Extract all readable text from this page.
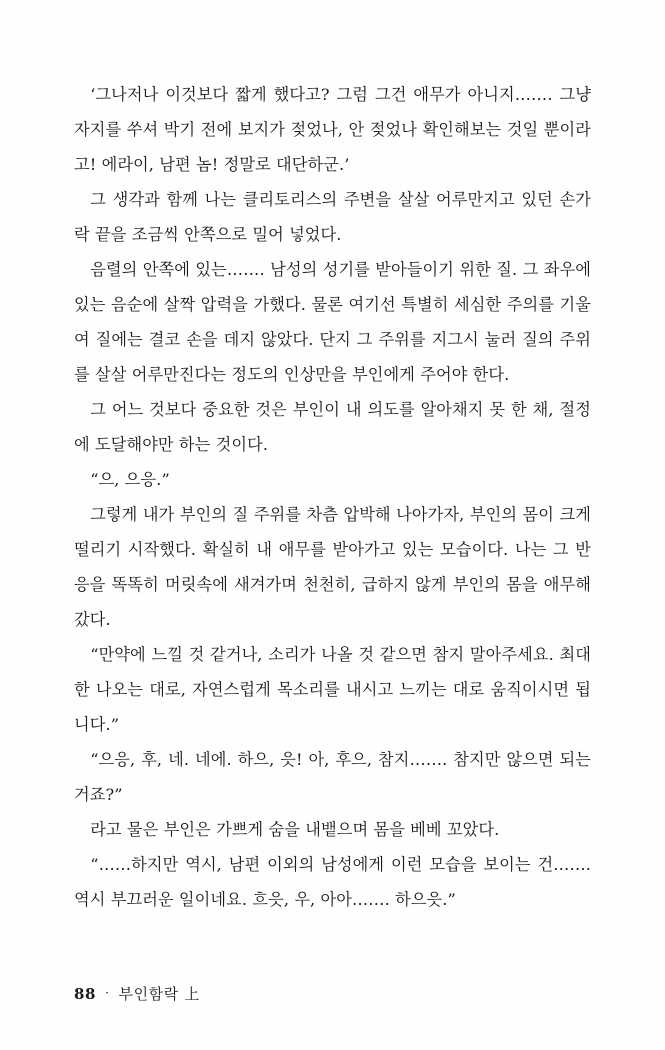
‘그나저나 이것보다 짧게 했다고? 그럼 그건 애무가 아니지……. 그냥 자지를 쑤셔 박기 전에 보지가 젖었나, 안 젖었나 확인해보는 것일 뿐이라고! 에라이, 남편 놈! 정말로 대단하군.’

그 생각과 함께 나는 클리토리스의 주변을 살살 어루만지고 있던 손가락 끝을 조금씩 안쪽으로 밀어 넣었다.

음렬의 안쪽에 있는……. 남성의 성기를 받아들이기 위한 질. 그 좌우에 있는 음순에 살짝 압력을 가했다. 물론 여기선 특별히 세심한 주의를 기울여 질에는 결코 손을 데지 않았다. 단지 그 주위를 지그시 눌러 질의 주위를 살살 어루만진다는 정도의 인상만을 부인에게 주어야 한다.

그 어느 것보다 중요한 것은 부인이 내 의도를 알아채지 못 한 채, 절정에 도달해야만 하는 것이다.

“으, 으응.”

그렇게 내가 부인의 질 주위를 차츰 압박해 나아가자, 부인의 몸이 크게 떨리기 시작했다. 확실히 내 애무를 받아가고 있는 모습이다. 나는 그 반응을 똑똑히 머릿속에 새겨가며 천천히, 급하지 않게 부인의 몸을 애무해갔다.

“만약에 느낄 것 같거나, 소리가 나올 것 같으면 참지 말아주세요. 최대한 나오는 대로, 자연스럽게 목소리를 내시고 느끼는 대로 움직이시면 됩니다.”

“으응, 후, 네. 네에. 하으, 읏! 아, 후으, 참지……. 참지만 않으면 되는 거죠?”

라고 물은 부인은 가쁘게 숨을 내뱉으며 몸을 베베 꼬았다.

“……하지만 역시, 남편 이외의 남성에게 이런 모습을 보이는 건……. 역시 부끄러운 일이네요. 흐읏, 우, 아아……. 하으읏.”

88 · 부인함락 上
